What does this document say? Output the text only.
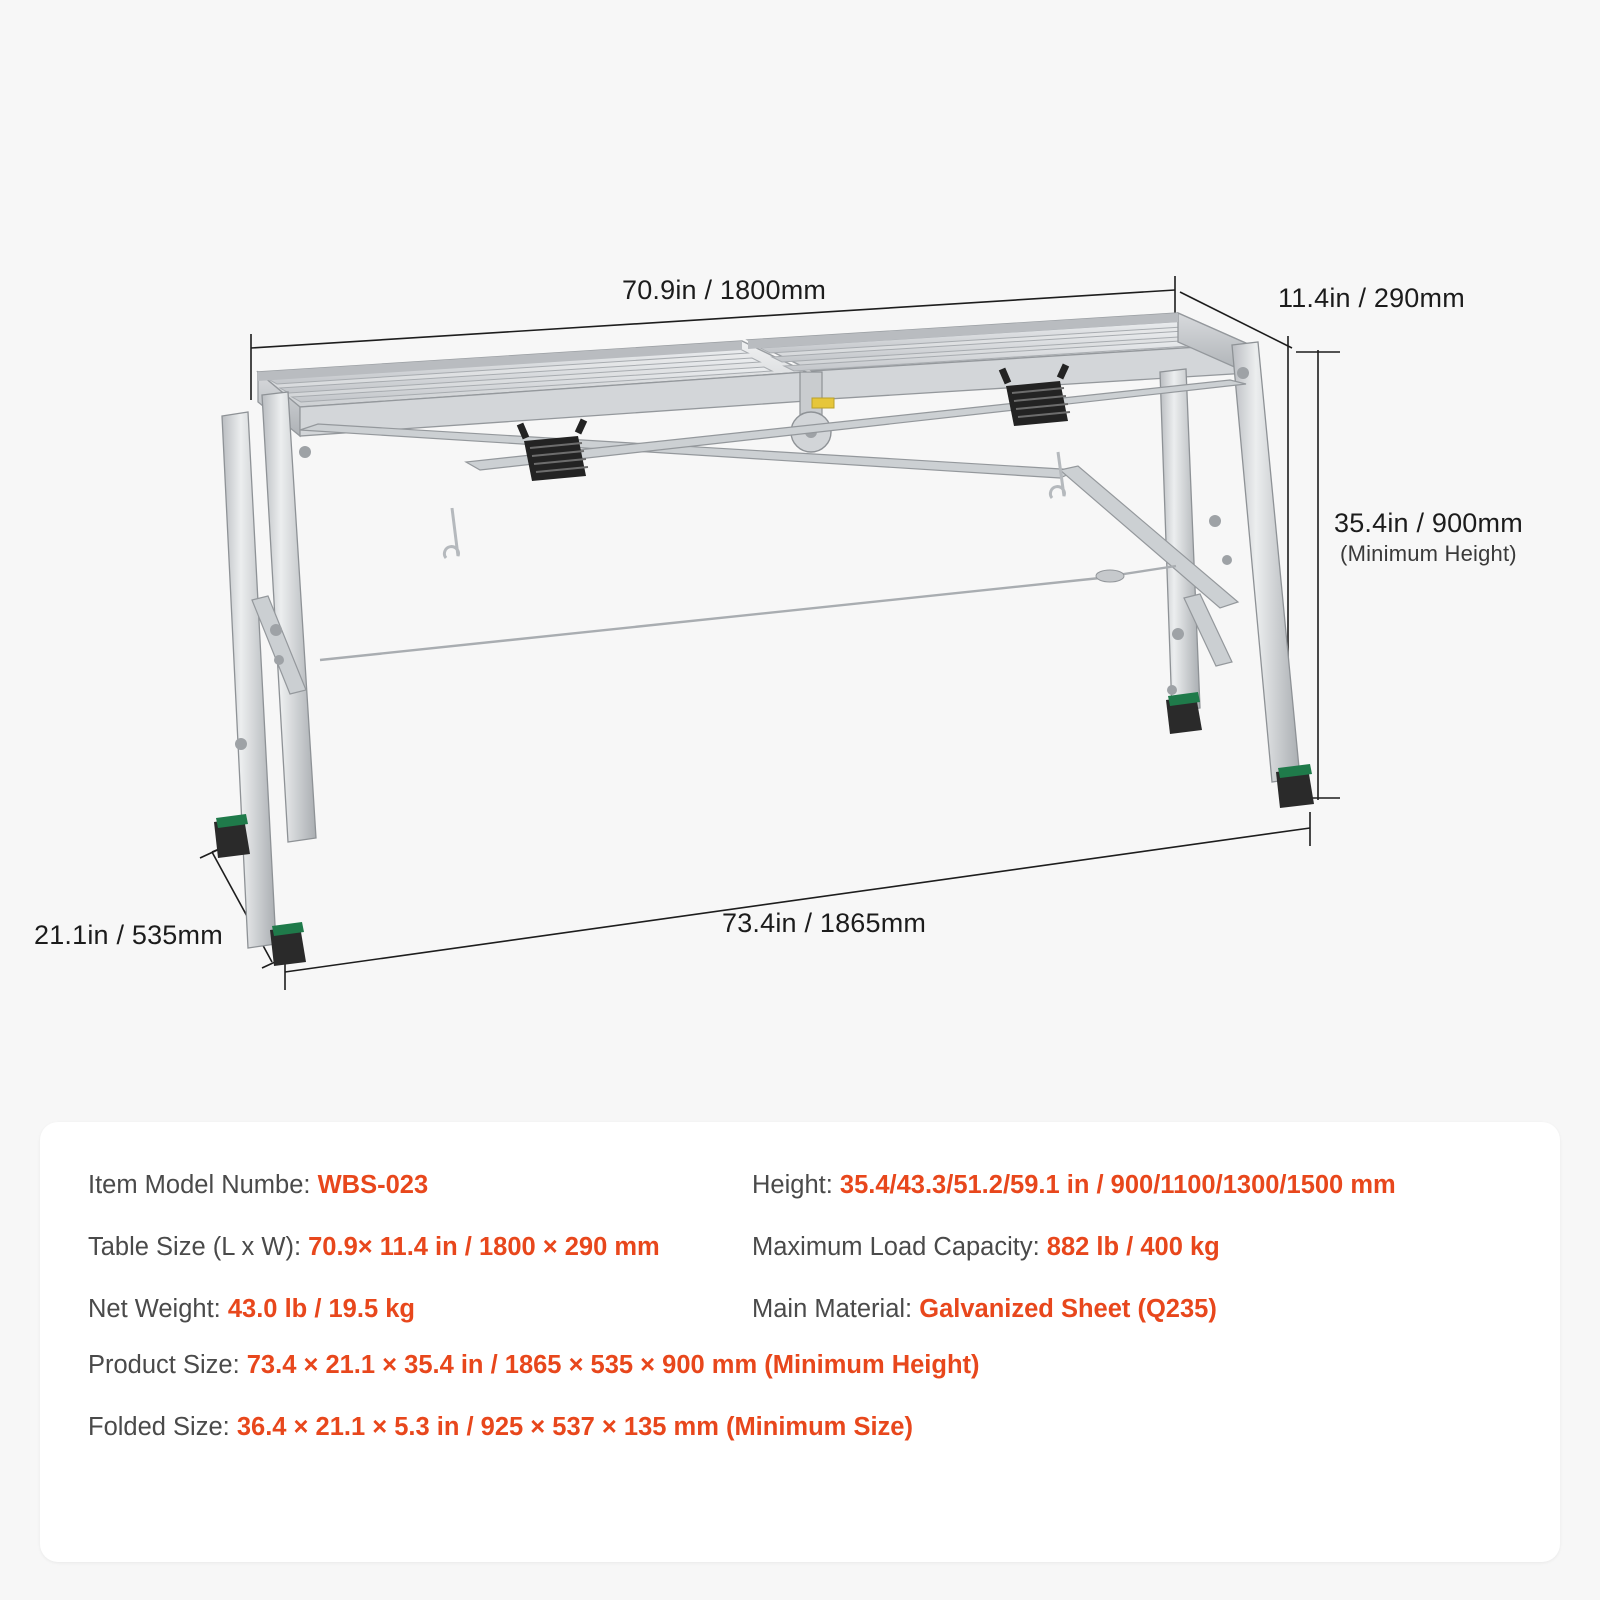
70.9in / 1800mm	11.4in / 290mm
35.4in / 900mm
(Minimum Height)
21.1in / 535mm	73.4in / 1865mm
Item Model Numbe: WBS-023
Table Size (L x W): 70.9× 11.4 in / 1800 × 290 mm
Net Weight: 43.0 lb / 19.5 kg
Height: 35.4/43.3/51.2/59.1 in / 900/1100/1300/1500 mm
Maximum Load Capacity: 882 lb / 400 kg
Main Material: Galvanized Sheet (Q235)
Product Size: 73.4 × 21.1 × 35.4 in / 1865 × 535 × 900 mm (Minimum Height)
Folded Size: 36.4 × 21.1 × 5.3 in / 925 × 537 × 135 mm (Minimum Size)
